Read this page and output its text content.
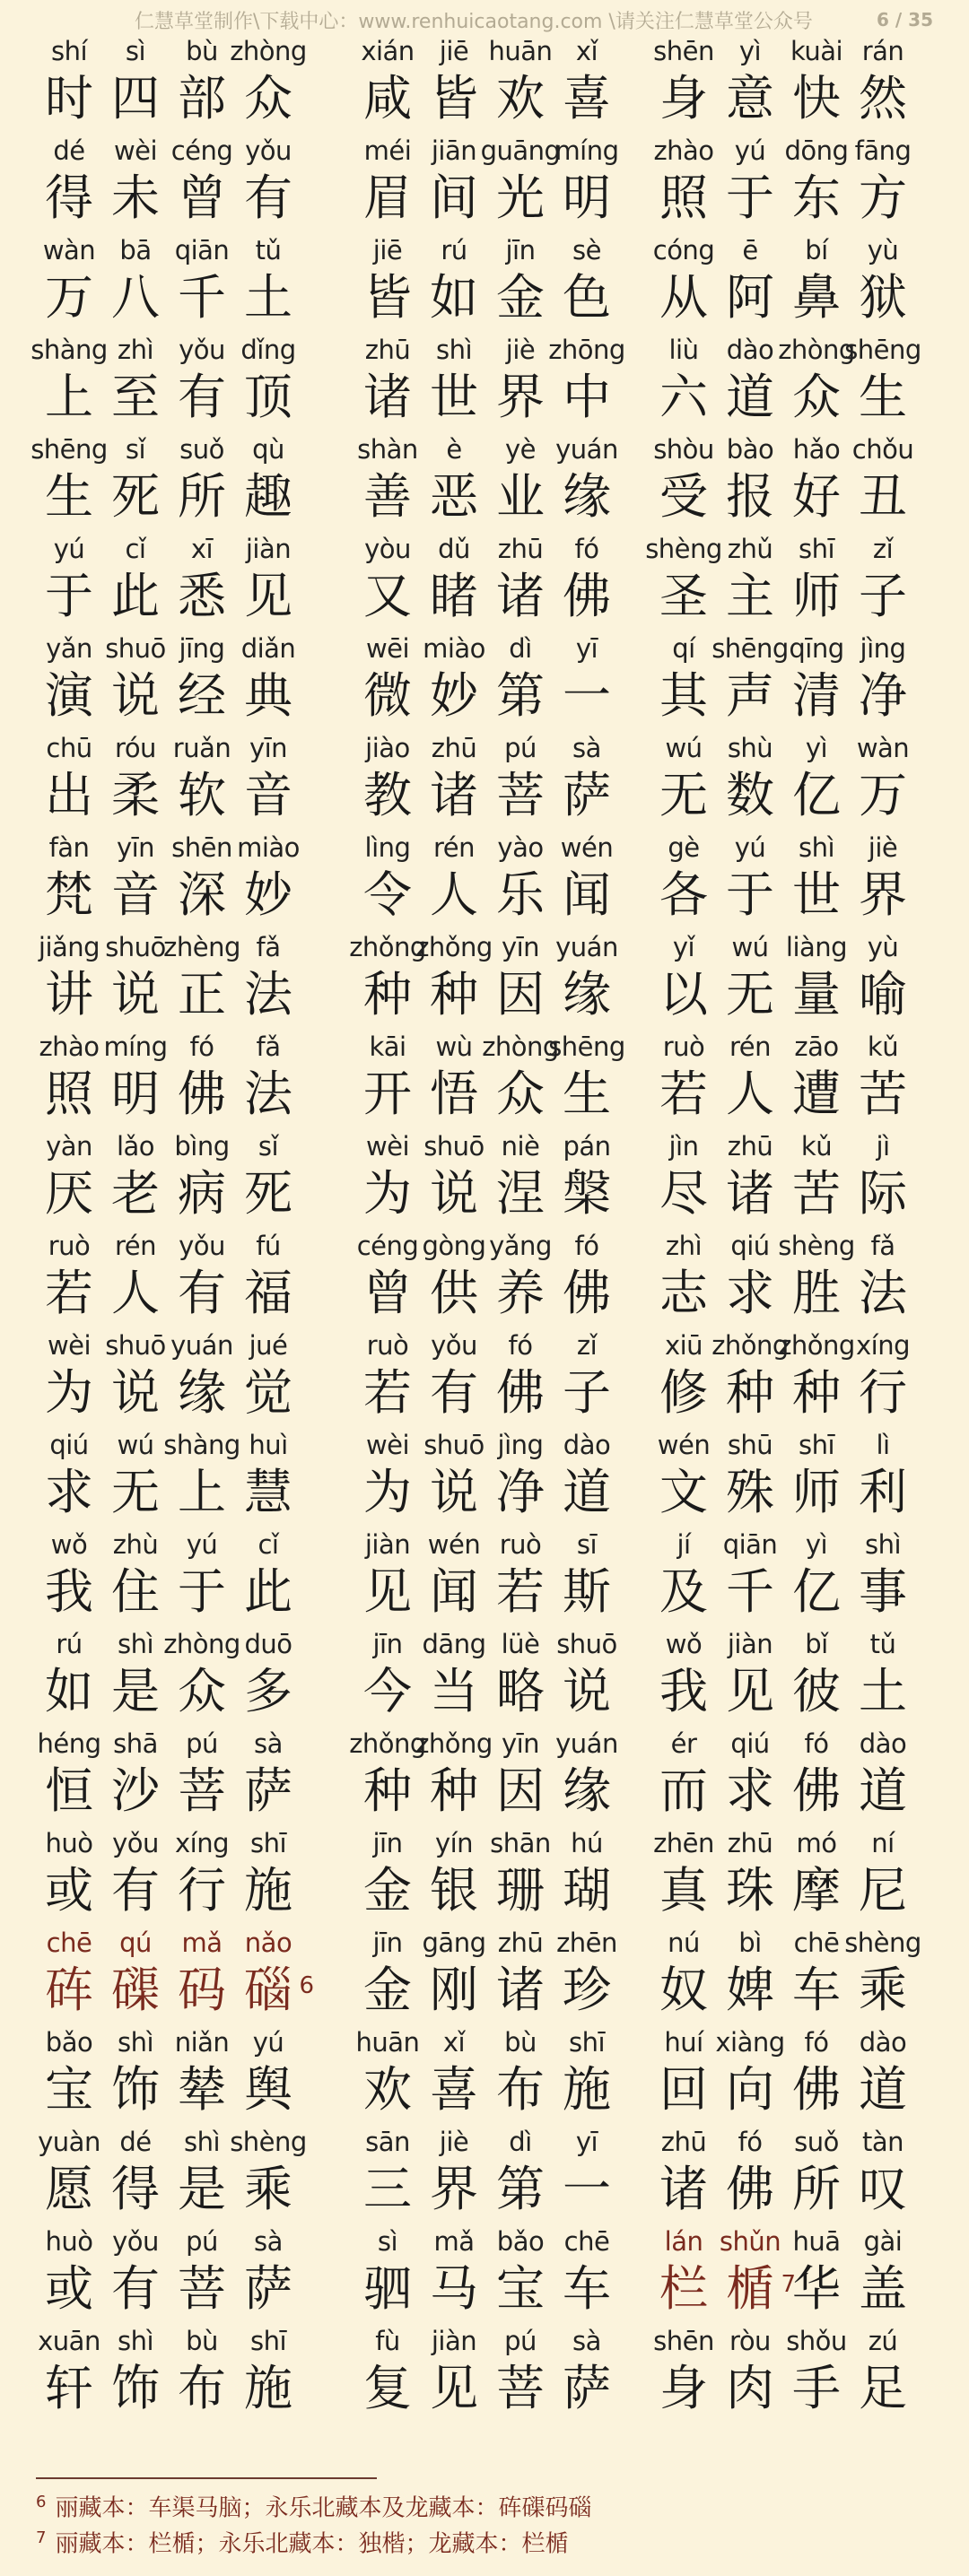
仁慧草堂制作\下载中心：www.renhuicaotang.com \请关注仁慧草堂公众号	6 / 35
shí
时
sì
四
bù
部
zhòng
众
xián
咸
jiē
皆
huān
欢
xǐ
喜
shēn
身
yì
意
kuài
快
rán
然
dé
得
wèi
未
céng
曾
yǒu
有
méi
眉
jiān
间
guāng
光
míng
明
zhào
照
yú
于
dōng
东
fāng
方
wàn
万
bā
八
qiān
千
tǔ
土
jiē
皆
rú
如
jīn
金
sè
色
cóng
从
ē
阿
bí
鼻
yù
狱
shàng
上
zhì
至
yǒu
有
dǐng
顶
zhū
诸
shì
世
jiè
界
zhōng
中
liù
六
dào
道
zhòng
众
shēng
生
shēng
生
sǐ
死
suǒ
所
qù
趣
shàn
善
è
恶
yè
业
yuán
缘
shòu
受
bào
报
hǎo
好
chǒu
丑
yú
于
cǐ
此
xī
悉
jiàn
见
yòu
又
dǔ
睹
zhū
诸
fó
佛
shèng
圣
zhǔ
主
shī
师
zǐ
子
yǎn
演
shuō
说
jīng
经
diǎn
典
wēi
微
miào
妙
dì
第
yī
一
qí
其
shēng
声
qīng
清
jìng
净
chū
出
róu
柔
ruǎn
软
yīn
音
jiào
教
zhū
诸
pú
菩
sà
萨
wú
无
shù
数
yì
亿
wàn
万
fàn
梵
yīn
音
shēn
深
miào
妙
lìng
令
rén
人
yào
乐
wén
闻
gè
各
yú
于
shì
世
jiè
界
jiǎng
讲
shuō
说
zhèng
正
fǎ
法
zhǒng
种
zhǒng
种
yīn
因
yuán
缘
yǐ
以
wú
无
liàng
量
yù
喻
zhào
照
míng
明
fó
佛
fǎ
法
kāi
开
wù
悟
zhòng
众
shēng
生
ruò
若
rén
人
zāo
遭
kǔ
苦
yàn
厌
lǎo
老
bìng
病
sǐ
死
wèi
为
shuō
说
niè
涅
pán
槃
jìn
尽
zhū
诸
kǔ
苦
jì
际
ruò
若
rén
人
yǒu
有
fú
福
céng
曾
gòng
供
yǎng
养
fó
佛
zhì
志
qiú
求
shèng
胜
fǎ
法
wèi
为
shuō
说
yuán
缘
jué
觉
ruò
若
yǒu
有
fó
佛
zǐ
子
xiū
修
zhǒng
种
zhǒng
种
xíng
行
qiú
求
wú
无
shàng
上
huì
慧
wèi
为
shuō
说
jìng
净
dào
道
wén
文
shū
殊
shī
师
lì
利
wǒ
我
zhù
住
yú
于
cǐ
此
jiàn
见
wén
闻
ruò
若
sī
斯
jí
及
qiān
千
yì
亿
shì
事
rú
如
shì
是
zhòng
众
duō
多
jīn
今
dāng
当
lüè
略
shuō
说
wǒ
我
jiàn
见
bǐ
彼
tǔ
土
héng
恒
shā
沙
pú
菩
sà
萨
zhǒng
种
zhǒng
种
yīn
因
yuán
缘
ér
而
qiú
求
fó
佛
dào
道
huò
或
yǒu
有
xíng
行
shī
施
jīn
金
yín
银
shān
珊
hú
瑚
zhēn
真
zhū
珠
mó
摩
ní
尼
chē
砗
qú
磲
mǎ
码
nǎo
碯 6
jīn
金
gāng
刚
zhū
诸
zhēn
珍
nú
奴
bì
婢
chē
车
shèng
乘
bǎo
宝
shì
饰
niǎn
辇
yú
舆
huān
欢
xǐ
喜
bù
布
shī
施
huí
回
xiàng
向
fó
佛
dào
道
yuàn
愿
dé
得
shì
是
shèng
乘
sān
三
jiè
界
dì
第
yī
一
zhū
诸
fó
佛
suǒ
所
tàn
叹
huò
或
yǒu
有
pú
菩
sà
萨
sì
驷
mǎ
马
bǎo
宝
chē
车
lán
栏
shǔn
楯 7
huā
华
gài
盖
xuān
轩
shì
饰
bù
布
shī
施
fù
复
jiàn
见
pú
菩
sà
萨
shēn
身
ròu
肉
shǒu
手
zú
足
$^6$ 丽藏本：车渠马脑；永乐北藏本及龙藏本：砗磲码碯
$^7$ 丽藏本：栏楯；永乐北藏本：独楷；龙藏本：栏楯
